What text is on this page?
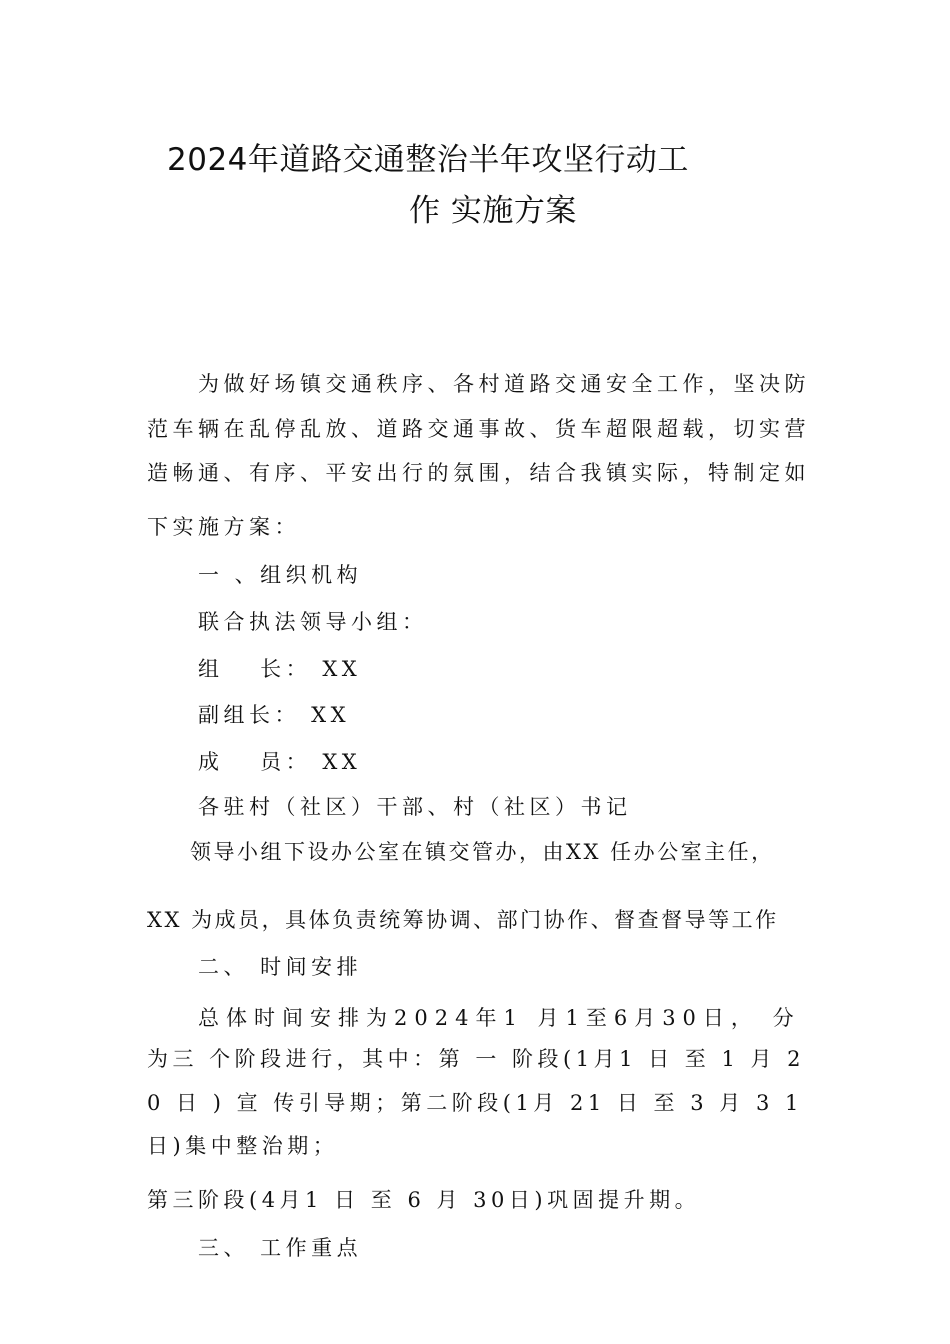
2024年道路交通整治半年攻坚行动工
作 实施方案

为做好场镇交通秩序、各村道路交通安全工作，坚决防

范车辆在乱停乱放、道路交通事故、货车超限超载，切实营

造畅通、有序、平安出行的氛围，结合我镇实际，特制定如

下实施方案：

一 、组织机构

联合执法领导小组：

组　 长： XX

副组长： XX

成　 员： XX

各驻村（社区）干部、村（社区）书记

领导小组下设办公室在镇交管办，由XX 任办公室主任，

XX 为成员，具体负责统筹协调、部门协作、督查督导等工作

二、 时间安排

总体时间安排为2024年1 月1至6月30日， 分

为三 个阶段进行，其中：第 一 阶段(1月1 日 至 1 月 2

0 日 ) 宣 传引导期；第二阶段(1月 21 日 至 3 月 3 1

日)集中整治期；

第三阶段(4月1 日 至 6 月 30日)巩固提升期。

三、 工作重点
